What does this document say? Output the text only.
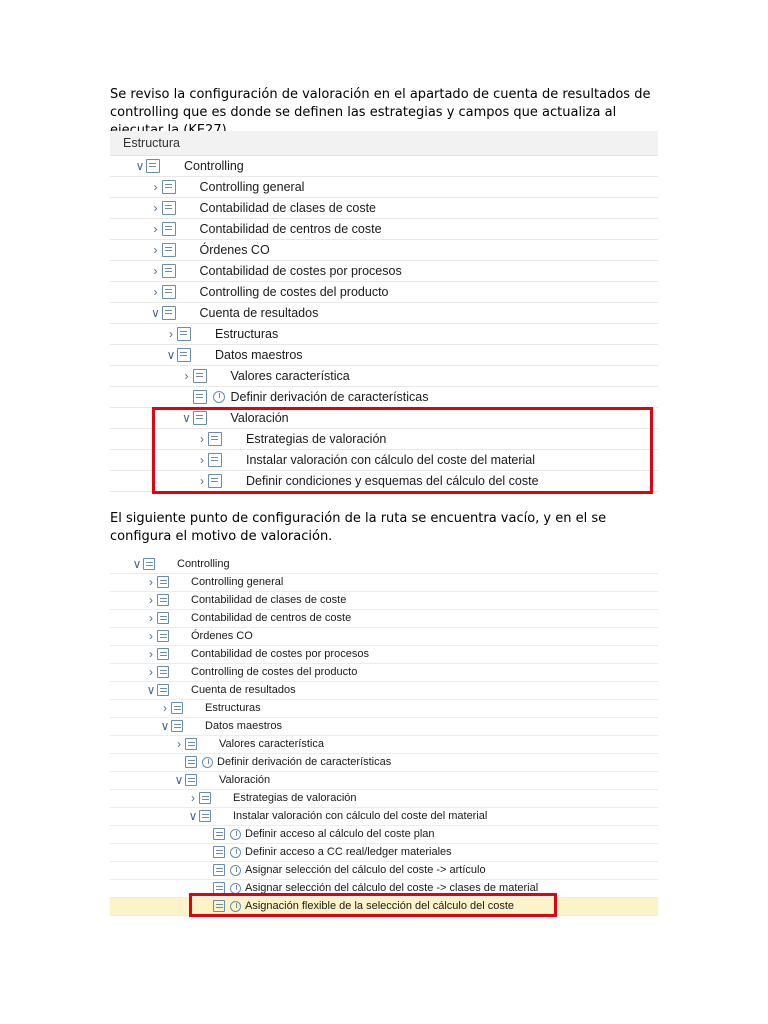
Se reviso la configuración de valoración en el apartado de cuenta de resultados de controlling que es donde se definen las estrategias y campos que actualiza al
Estructura
∨	Controlling
›	Controlling general
›	Contabilidad de clases de coste
›	Contabilidad de centros de coste
›	Órdenes CO
›	Contabilidad de costes por procesos
›	Controlling de costes del producto
∨	Cuenta de resultados
›	Estructuras
∨	Datos maestros
›	Valores característica
Definir derivación de características
∨	Valoración
›	Estrategias de valoración
›	Instalar valoración con cálculo del coste del material
›	Definir condiciones y esquemas del cálculo del coste
El siguiente punto de configuración de la ruta se encuentra vacío, y en el se configura el motivo de valoración.
∨	Controlling
›	Controlling general
›	Contabilidad de clases de coste
›	Contabilidad de centros de coste
›	Órdenes CO
›	Contabilidad de costes por procesos
›	Controlling de costes del producto
∨	Cuenta de resultados
›	Estructuras
∨	Datos maestros
›	Valores característica
Definir derivación de características
∨	Valoración
›	Estrategias de valoración
∨	Instalar valoración con cálculo del coste del material
Definir acceso al cálculo del coste plan
Definir acceso a CC real/ledger materiales
Asignar selección del cálculo del coste -> artículo
Asignar selección del cálculo del coste -> clases de material
Asignación flexible de la selección del cálculo del coste
